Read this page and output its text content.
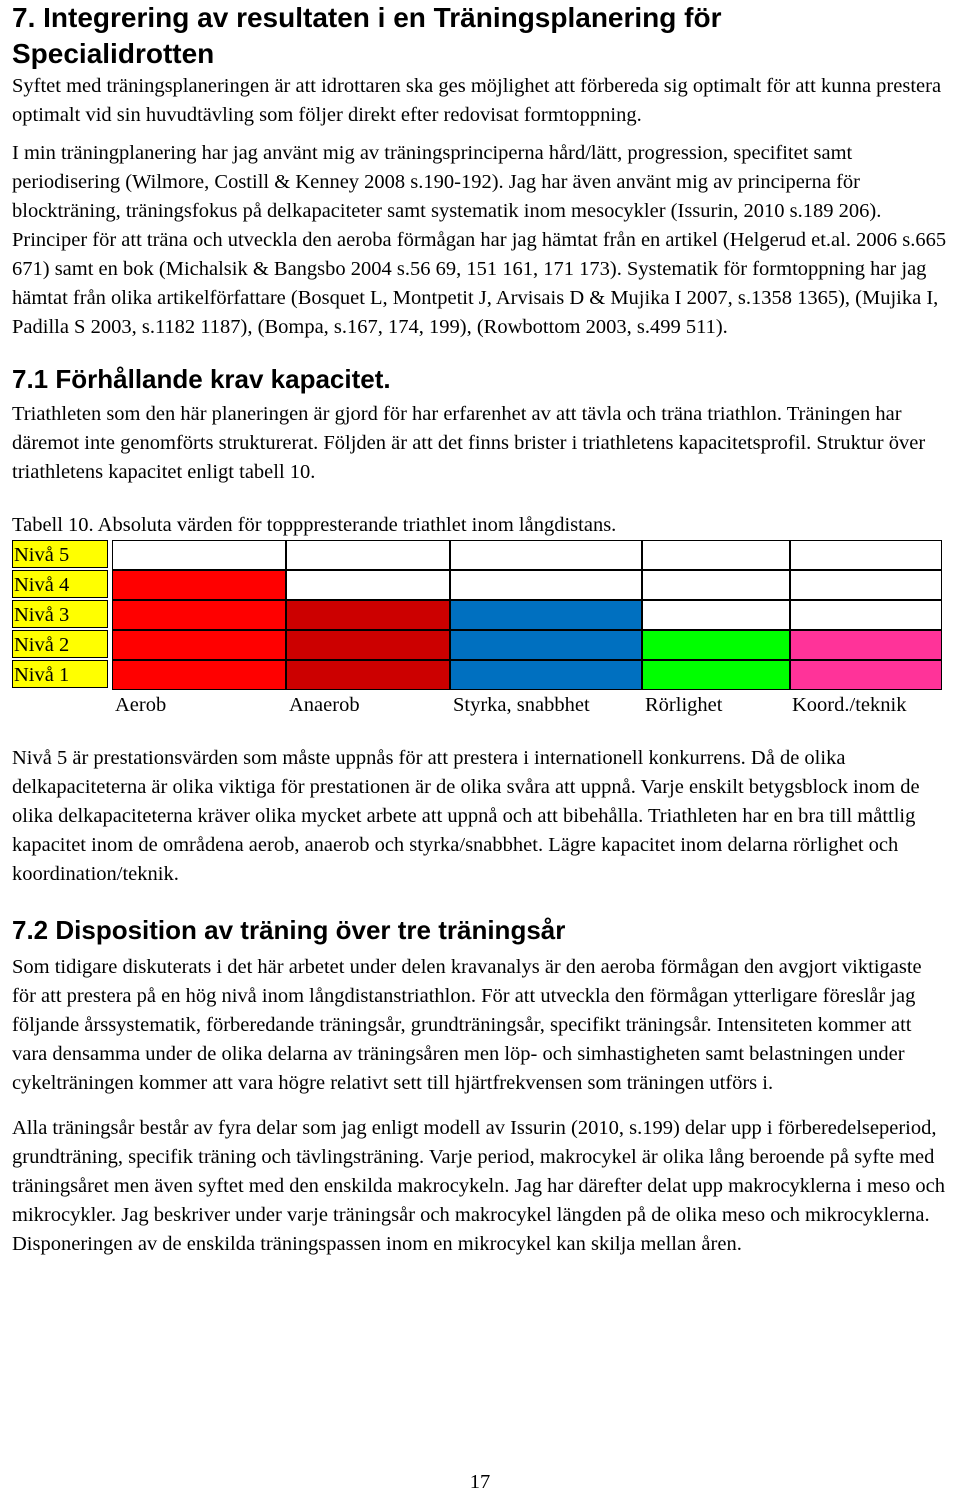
7. Integrering av resultaten i en Träningsplanering för
Specialidrotten

Syftet med träningsplaneringen är att idrottaren ska ges möjlighet att förbereda sig optimalt för att kunna prestera optimalt vid sin huvudtävling som följer direkt efter redovisat formtoppning.

I min träningplanering har jag använt mig av träningsprinciperna hård/lätt, progression, specifitet samt periodisering (Wilmore, Costill & Kenney 2008 s.190-192). Jag har även använt mig av principerna för blockträning, träningsfokus på delkapaciteter samt systematik inom mesocykler (Issurin, 2010 s.189 206). Principer för att träna och utveckla den aeroba förmågan har jag hämtat från en artikel (Helgerud et.al. 2006 s.665 671) samt en bok (Michalsik & Bangsbo 2004 s.56 69, 151 161, 171 173). Systematik för formtoppning har jag hämtat från olika artikelförfattare (Bosquet L, Montpetit J, Arvisais D & Mujika I 2007, s.1358 1365), (Mujika I, Padilla S 2003, s.1182 1187), (Bompa, s.167, 174, 199), (Rowbottom 2003, s.499 511).

7.1 Förhållande krav kapacitet.

Triathleten som den här planeringen är gjord för har erfarenhet av att tävla och träna triathlon. Träningen har däremot inte genomförts strukturerat. Följden är att det finns brister i triathletens kapacitetsprofil. Struktur över triathletens kapacitet enligt tabell 10.

Tabell 10. Absoluta värden för topppresterande triathlet inom långdistans.

Nivå 5
Nivå 4
Nivå 3
Nivå 2
Nivå 1
Aerob	Anaerob	Styrka, snabbhet	Rörlighet	Koord./teknik

Nivå 5 är prestationsvärden som måste uppnås för att prestera i internationell konkurrens. Då de olika delkapaciteterna är olika viktiga för prestationen är de olika svåra att uppnå. Varje enskilt betygsblock inom de olika delkapaciteterna kräver olika mycket arbete att uppnå och att bibehålla. Triathleten har en bra till måttlig kapacitet inom de områdena aerob, anaerob och styrka/snabbhet. Lägre kapacitet inom delarna rörlighet och koordination/teknik.

7.2 Disposition av träning över tre träningsår

Som tidigare diskuterats i det här arbetet under delen kravanalys är den aeroba förmågan den avgjort viktigaste för att prestera på en hög nivå inom långdistanstriathlon. För att utveckla den förmågan ytterligare föreslår jag följande årssystematik, förberedande träningsår, grundträningsår, specifikt träningsår. Intensiteten kommer att vara densamma under de olika delarna av träningsåren men löp- och simhastigheten samt belastningen under cykelträningen kommer att vara högre relativt sett till hjärtfrekvensen som träningen utförs i.

Alla träningsår består av fyra delar som jag enligt modell av Issurin (2010, s.199) delar upp i förberedelseperiod, grundträning, specifik träning och tävlingsträning. Varje period, makrocykel är olika lång beroende på syfte med träningsåret men även syftet med den enskilda makrocykeln. Jag har därefter delat upp makrocyklerna i meso och mikrocykler. Jag beskriver under varje träningsår och makrocykel längden på de olika meso och mikrocyklerna. Disponeringen av de enskilda träningspassen inom en mikrocykel kan skilja mellan åren.

17
